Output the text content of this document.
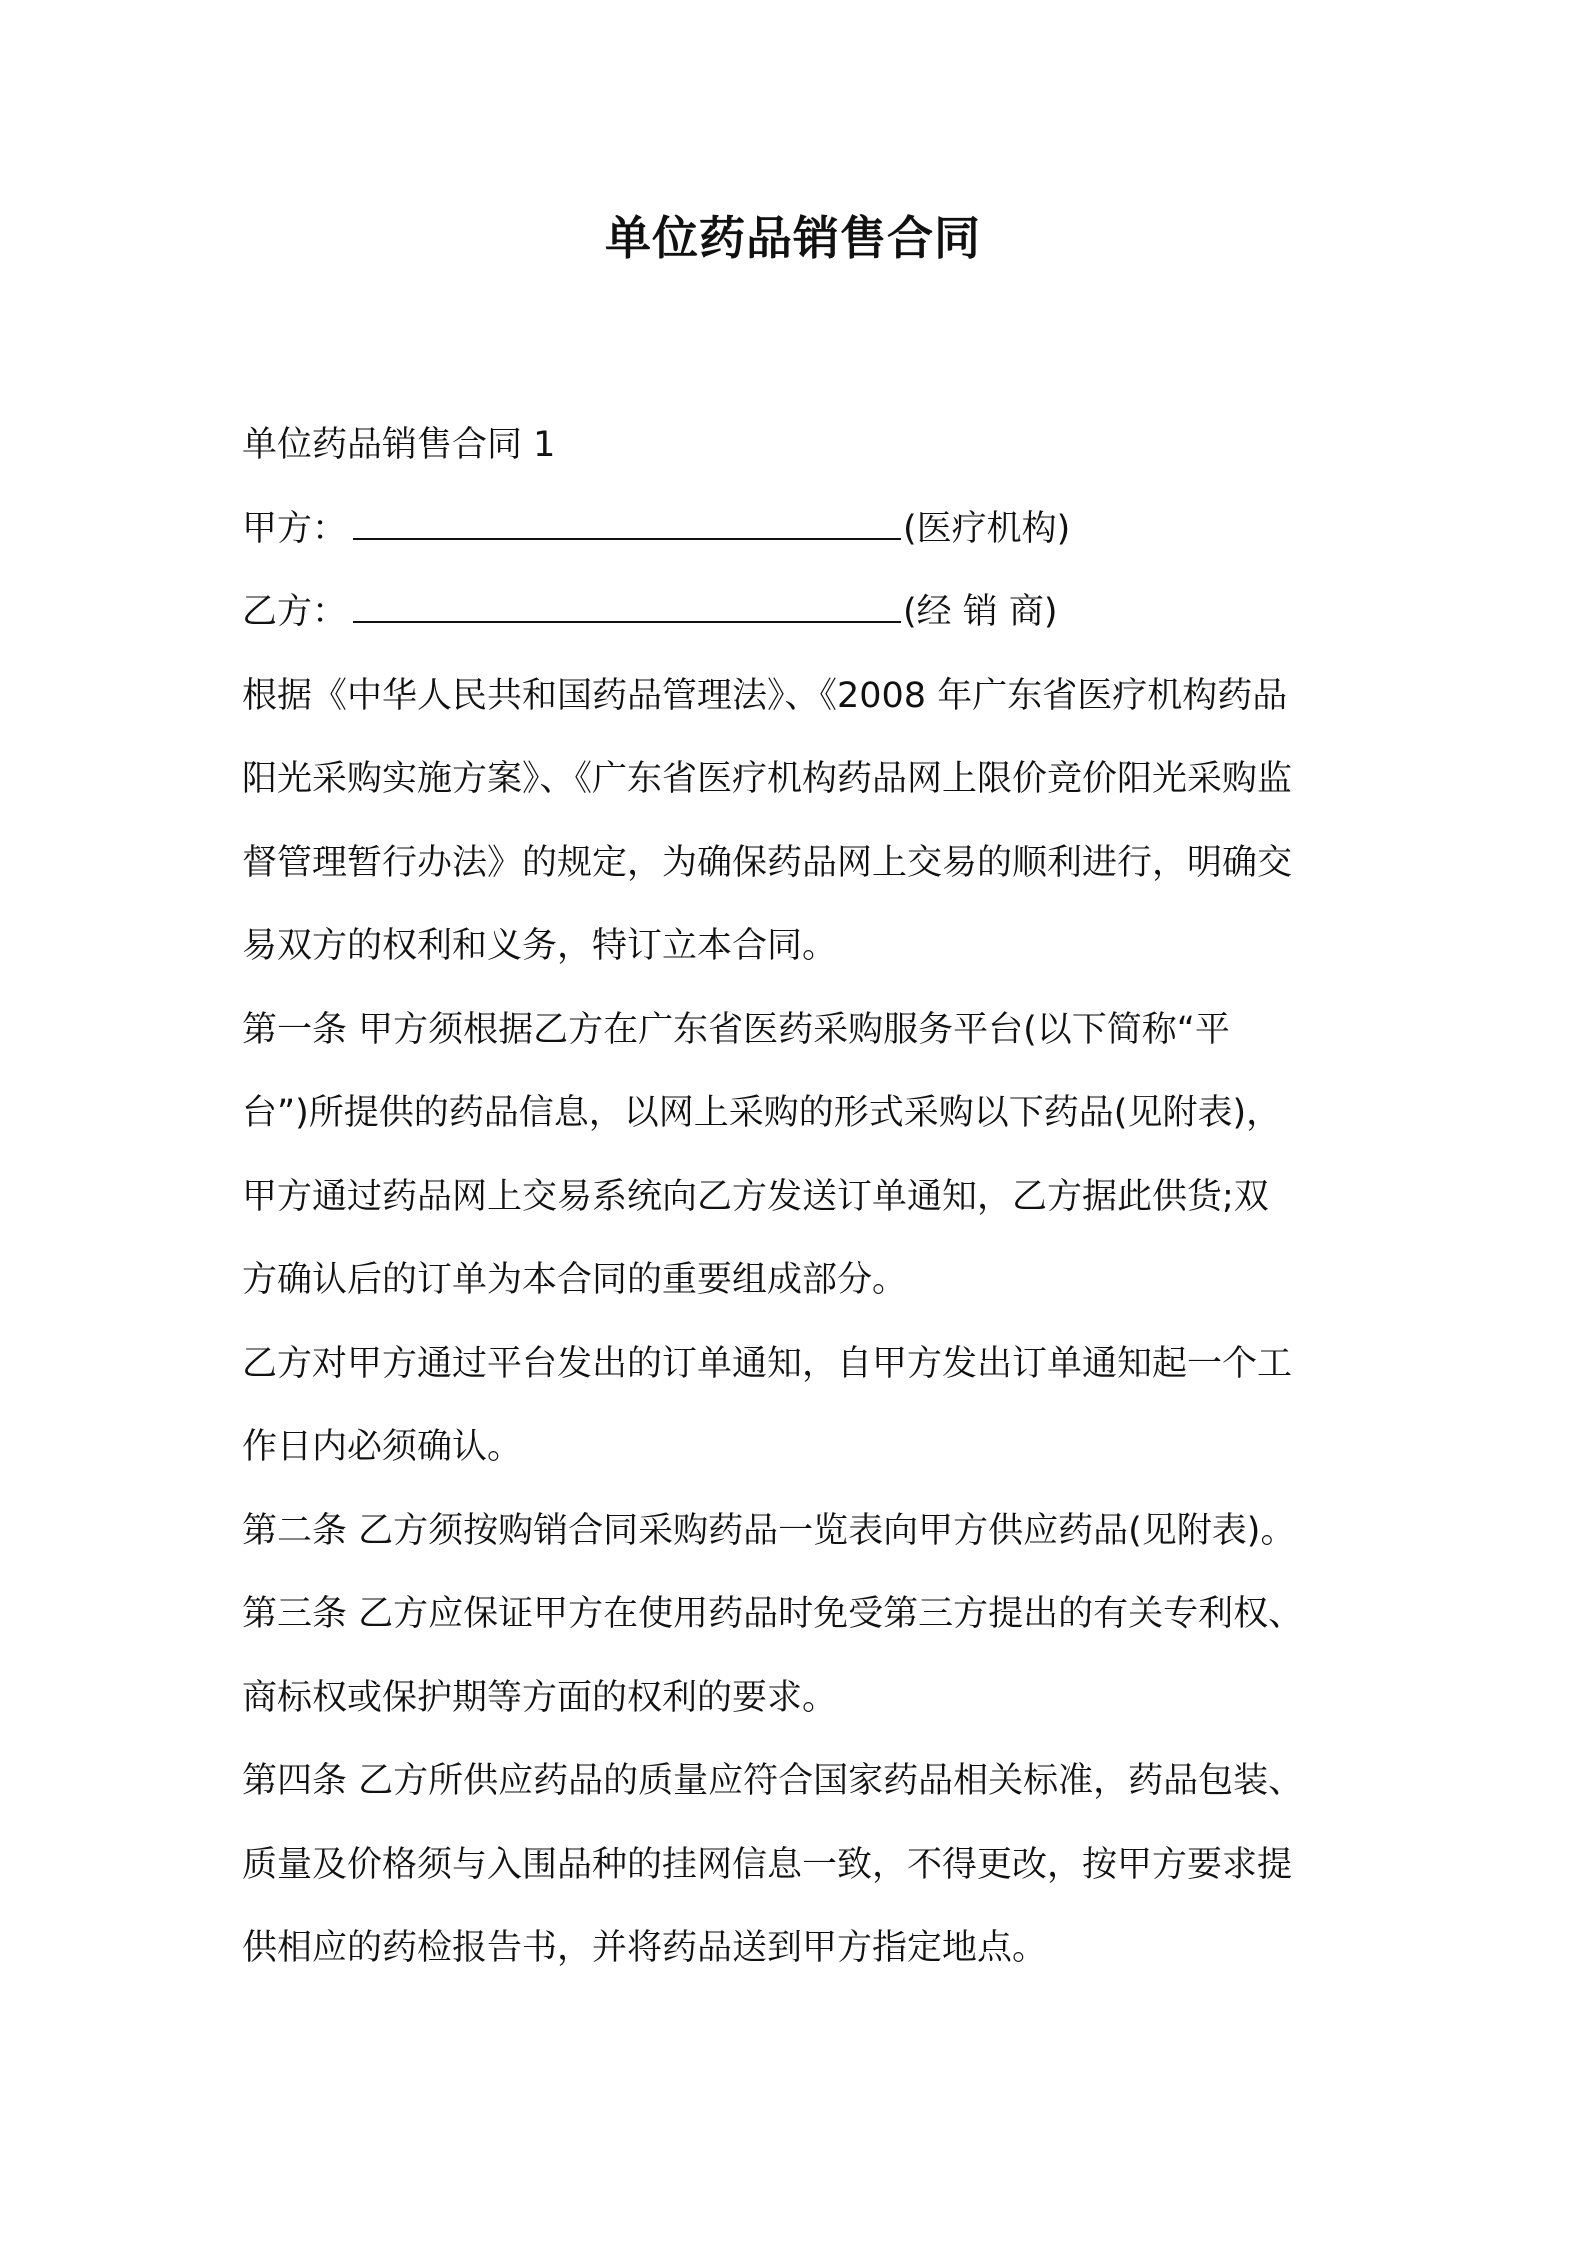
单位药品销售合同
单位药品销售合同 1
甲方：	(医疗机构)
乙方：	(经 销 商)
根据《中华人民共和国药品管理法》、《2008 年广东省医疗机构药品
阳光采购实施方案》、《广东省医疗机构药品网上限价竞价阳光采购监
督管理暂行办法》的规定，为确保药品网上交易的顺利进行，明确交
易双方的权利和义务，特订立本合同。
第一条 甲方须根据乙方在广东省医药采购服务平台(以下简称“平
台”)所提供的药品信息，以网上采购的形式采购以下药品(见附表)，
甲方通过药品网上交易系统向乙方发送订单通知，乙方据此供货;双
方确认后的订单为本合同的重要组成部分。
乙方对甲方通过平台发出的订单通知，自甲方发出订单通知起一个工
作日内必须确认。
第二条 乙方须按购销合同采购药品一览表向甲方供应药品(见附表)。
第三条 乙方应保证甲方在使用药品时免受第三方提出的有关专利权、
商标权或保护期等方面的权利的要求。
第四条 乙方所供应药品的质量应符合国家药品相关标准，药品包装、
质量及价格须与入围品种的挂网信息一致，不得更改，按甲方要求提
供相应的药检报告书，并将药品送到甲方指定地点。
